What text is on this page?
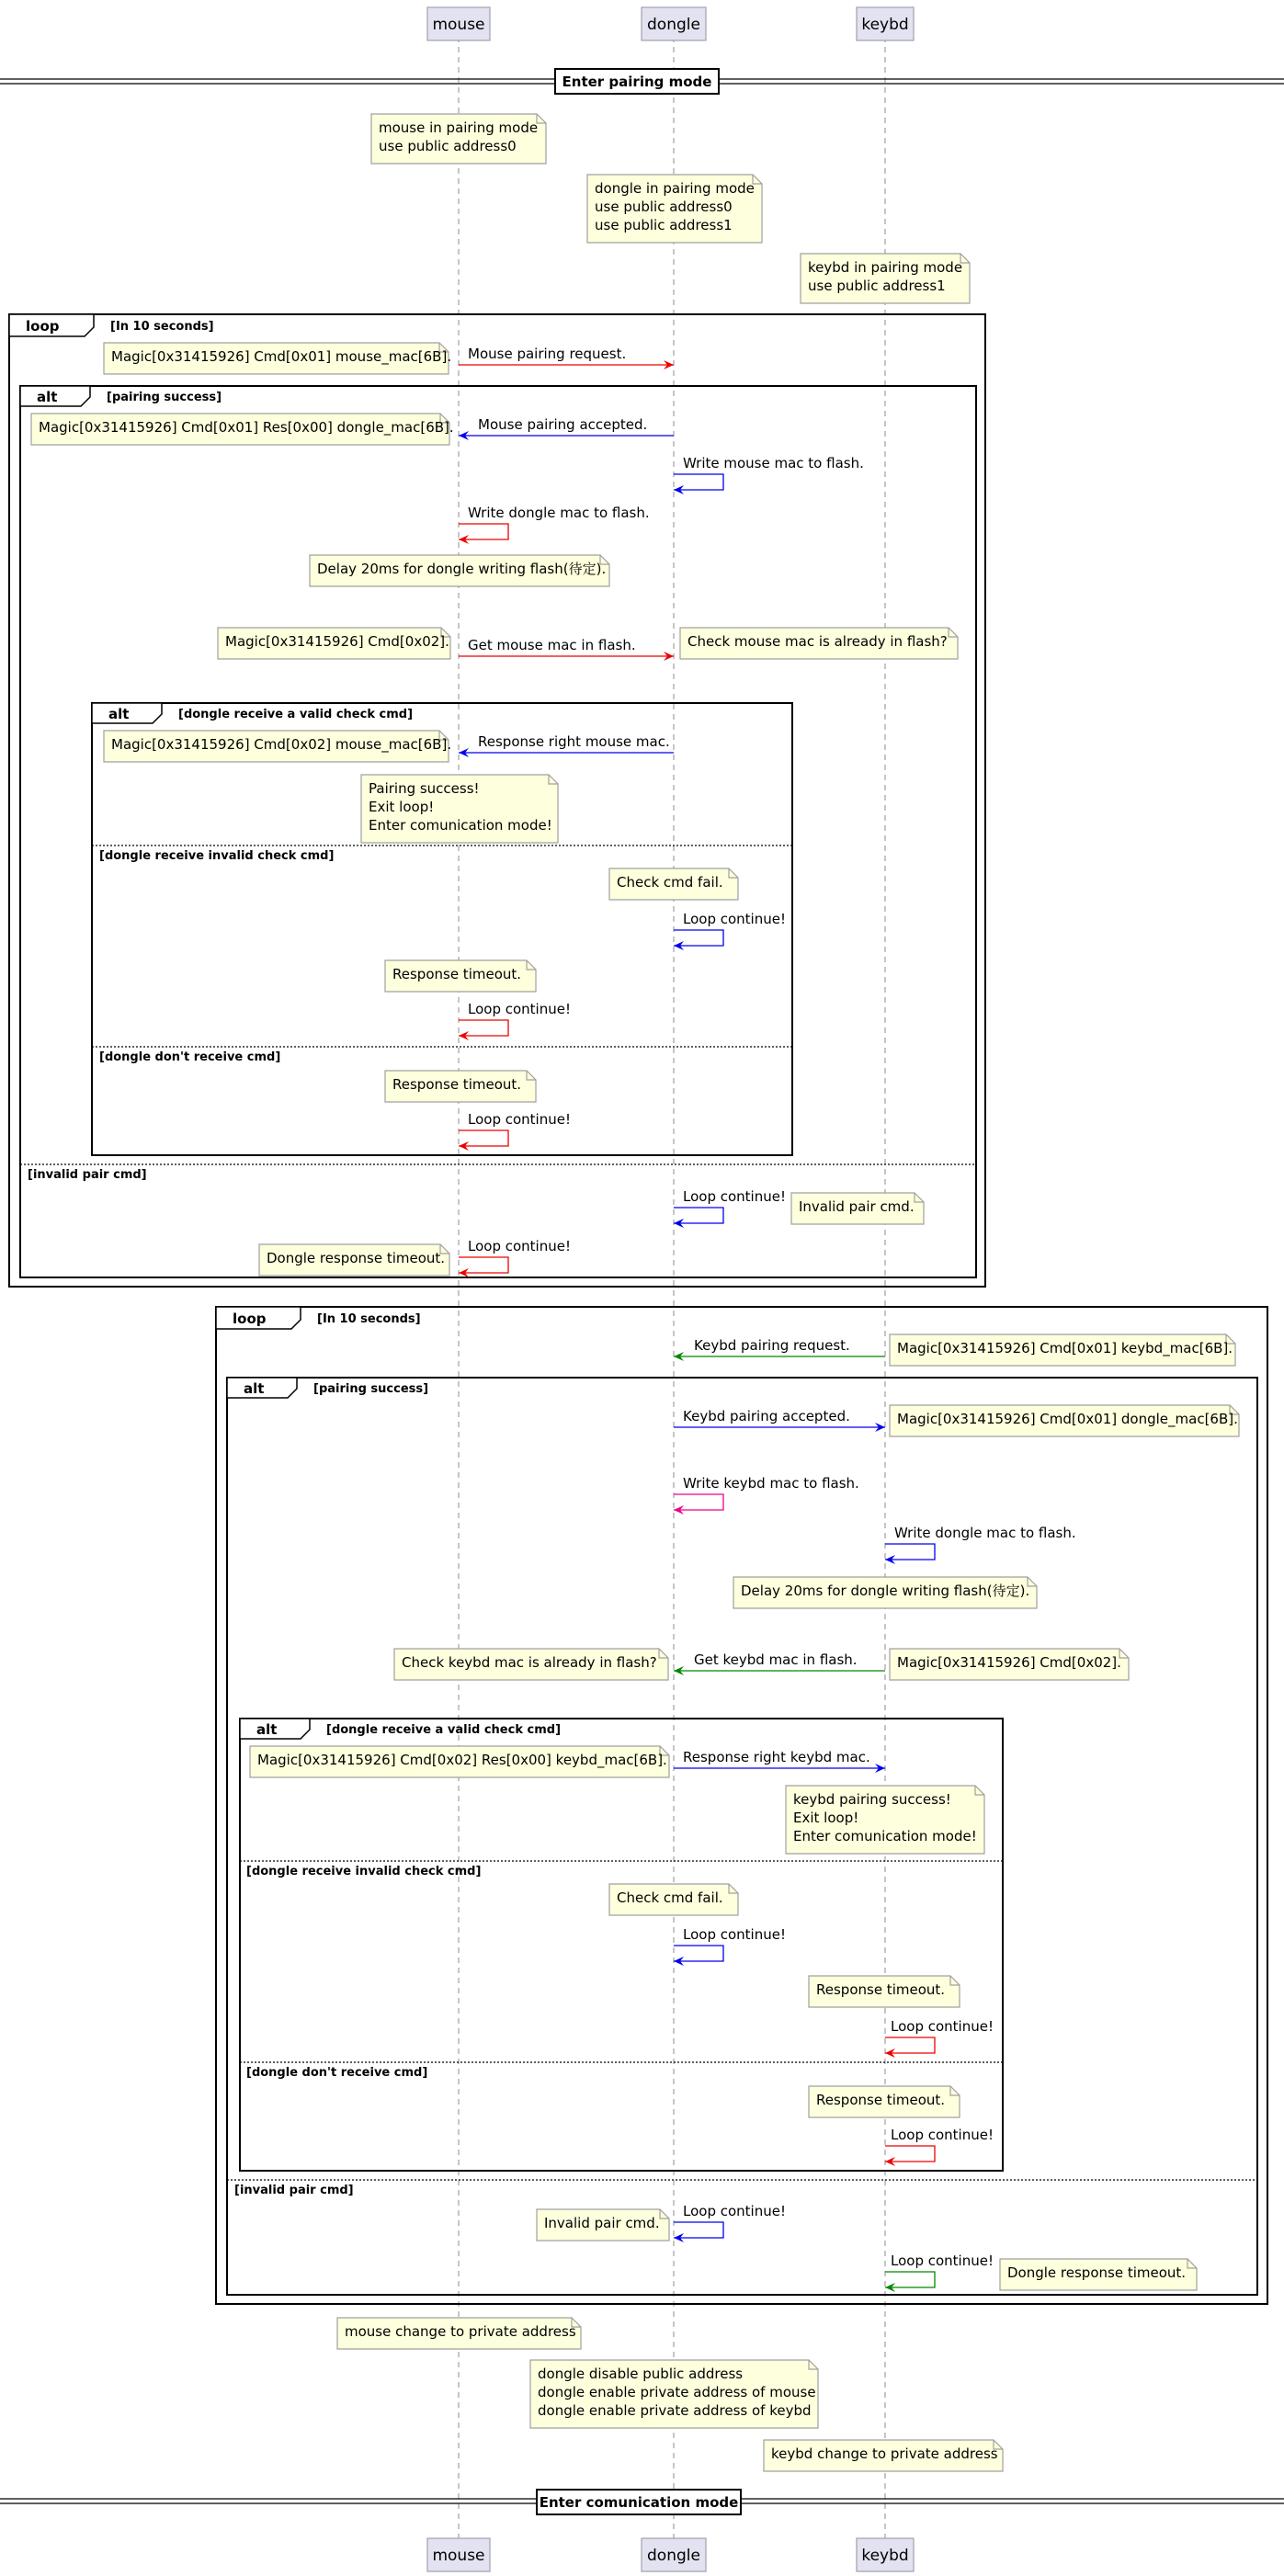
mouse	dongle	keybd
mouse	dongle	keybd
Enter pairing mode
Enter comunication mode
loop	[In 10 seconds]
alt	[pairing success]
alt	[dongle receive a valid check cmd]
loop	[In 10 seconds]
alt	[pairing success]
alt	[dongle receive a valid check cmd]
[dongle receive invalid check cmd]
[dongle don't receive cmd]
[invalid pair cmd]
[dongle receive invalid check cmd]
[dongle don't receive cmd]
[invalid pair cmd]
Mouse pairing request.
Mouse pairing accepted.
Get mouse mac in flash.
Response right mouse mac.
Keybd pairing request.
Keybd pairing accepted.
Get keybd mac in flash.
Response right keybd mac.
Write mouse mac to flash.
Write dongle mac to flash.
Loop continue!
Loop continue!
Loop continue!
Loop continue!
Loop continue!
Write keybd mac to flash.
Write dongle mac to flash.
Loop continue!
Loop continue!
Loop continue!
Loop continue!
Loop continue!
mouse in pairing mode
use public address0
dongle in pairing mode
use public address0
use public address1
keybd in pairing mode
use public address1
Magic[0x31415926] Cmd[0x01] mouse_mac[6B].
Magic[0x31415926] Cmd[0x01] Res[0x00] dongle_mac[6B].
Delay 20ms for dongle writing flash(待定).
Magic[0x31415926] Cmd[0x02].	Check mouse mac is already in flash?
Magic[0x31415926] Cmd[0x02] mouse_mac[6B].
Pairing success!
Exit loop!
Enter comunication mode!
Check cmd fail.
Response timeout.
Response timeout.
Invalid pair cmd.
Dongle response timeout.
Magic[0x31415926] Cmd[0x01] keybd_mac[6B].
Magic[0x31415926] Cmd[0x01] dongle_mac[6B].
Delay 20ms for dongle writing flash(待定).
Check keybd mac is already in flash?	Magic[0x31415926] Cmd[0x02].
Magic[0x31415926] Cmd[0x02] Res[0x00] keybd_mac[6B].
keybd pairing success!
Exit loop!
Enter comunication mode!
Check cmd fail.
Response timeout.
Response timeout.
Invalid pair cmd.
Dongle response timeout.
mouse change to private address
dongle disable public address
dongle enable private address of mouse
dongle enable private address of keybd
keybd change to private address
